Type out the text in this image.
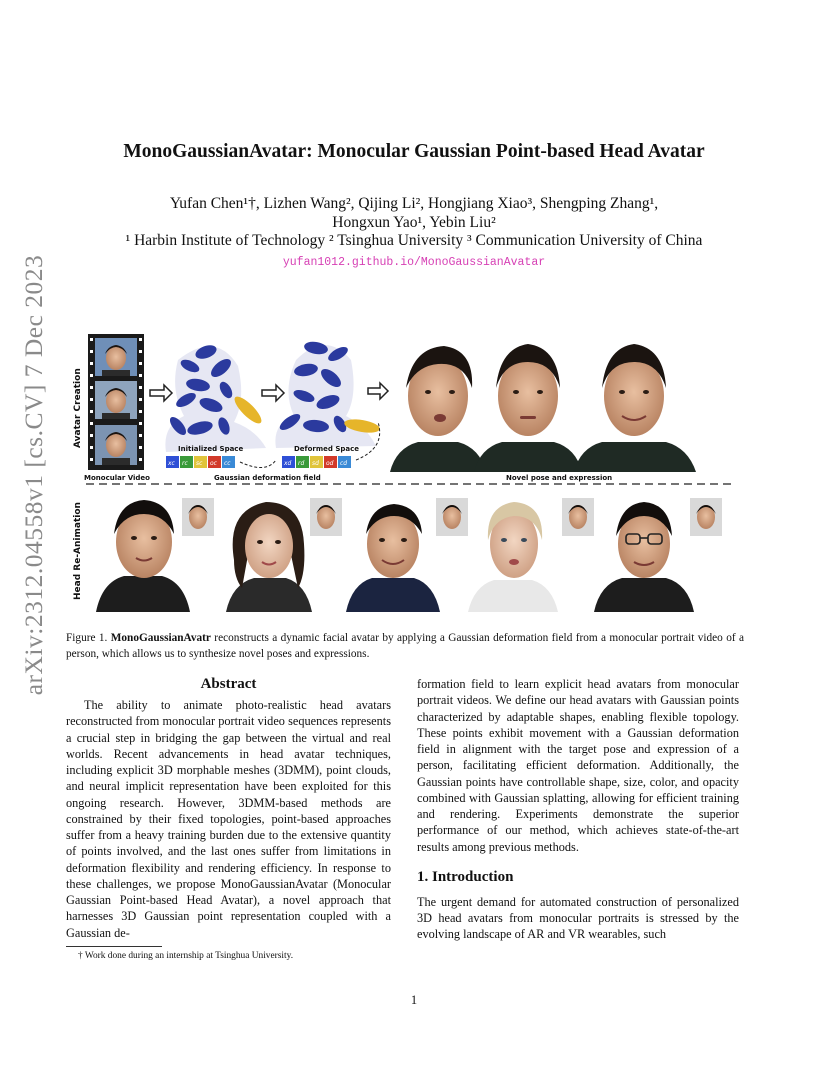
arXiv:2312.04558v1 [cs.CV] 7 Dec 2023
MonoGaussianAvatar: Monocular Gaussian Point-based Head Avatar
Yufan Chen¹†, Lizhen Wang², Qijing Li², Hongjiang Xiao³, Shengping Zhang¹,
Hongxun Yao¹, Yebin Liu²
¹ Harbin Institute of Technology ² Tsinghua University ³ Communication University of China
yufan1012.github.io/MonoGaussianAvatar
Avatar Creation
Head Re-Animation
Initialized Space
xc rc sc oc cc
Deformed Space
xd rd sd od cd
Monocular Video	Gaussian deformation field	Novel pose and expression
Figure 1. MonoGaussianAvatr reconstructs a dynamic facial avatar by applying a Gaussian deformation field from a monocular portrait video of a person, which allows us to synthesize novel poses and expressions.
Abstract

The ability to animate photo-realistic head avatars reconstructed from monocular portrait video sequences represents a crucial step in bridging the gap between the virtual and real worlds. Recent advancements in head avatar techniques, including explicit 3D morphable meshes (3DMM), point clouds, and neural implicit representation have been exploited for this ongoing research. However, 3DMM-based methods are constrained by their fixed topologies, point-based approaches suffer from a heavy training burden due to the extensive quantity of points involved, and the last ones suffer from limitations in deformation flexibility and rendering efficiency. In response to these challenges, we propose MonoGaussianAvatar (Monocular Gaussian Point-based Head Avatar), a novel approach that harnesses 3D Gaussian point representation coupled with a Gaussian de-

formation field to learn explicit head avatars from monocular portrait videos. We define our head avatars with Gaussian points characterized by adaptable shapes, enabling flexible topology. These points exhibit movement with a Gaussian deformation field in alignment with the target pose and expression of a person, facilitating efficient deformation. Additionally, the Gaussian points have controllable shape, size, color, and opacity combined with Gaussian splatting, allowing for efficient training and rendering. Experiments demonstrate the superior performance of our method, which achieves state-of-the-art results among previous methods.

1. Introduction

The urgent demand for automated construction of personalized 3D head avatars from monocular portraits is stressed by the evolving landscape of AR and VR wearables, such

† Work done during an internship at Tsinghua University.
1
